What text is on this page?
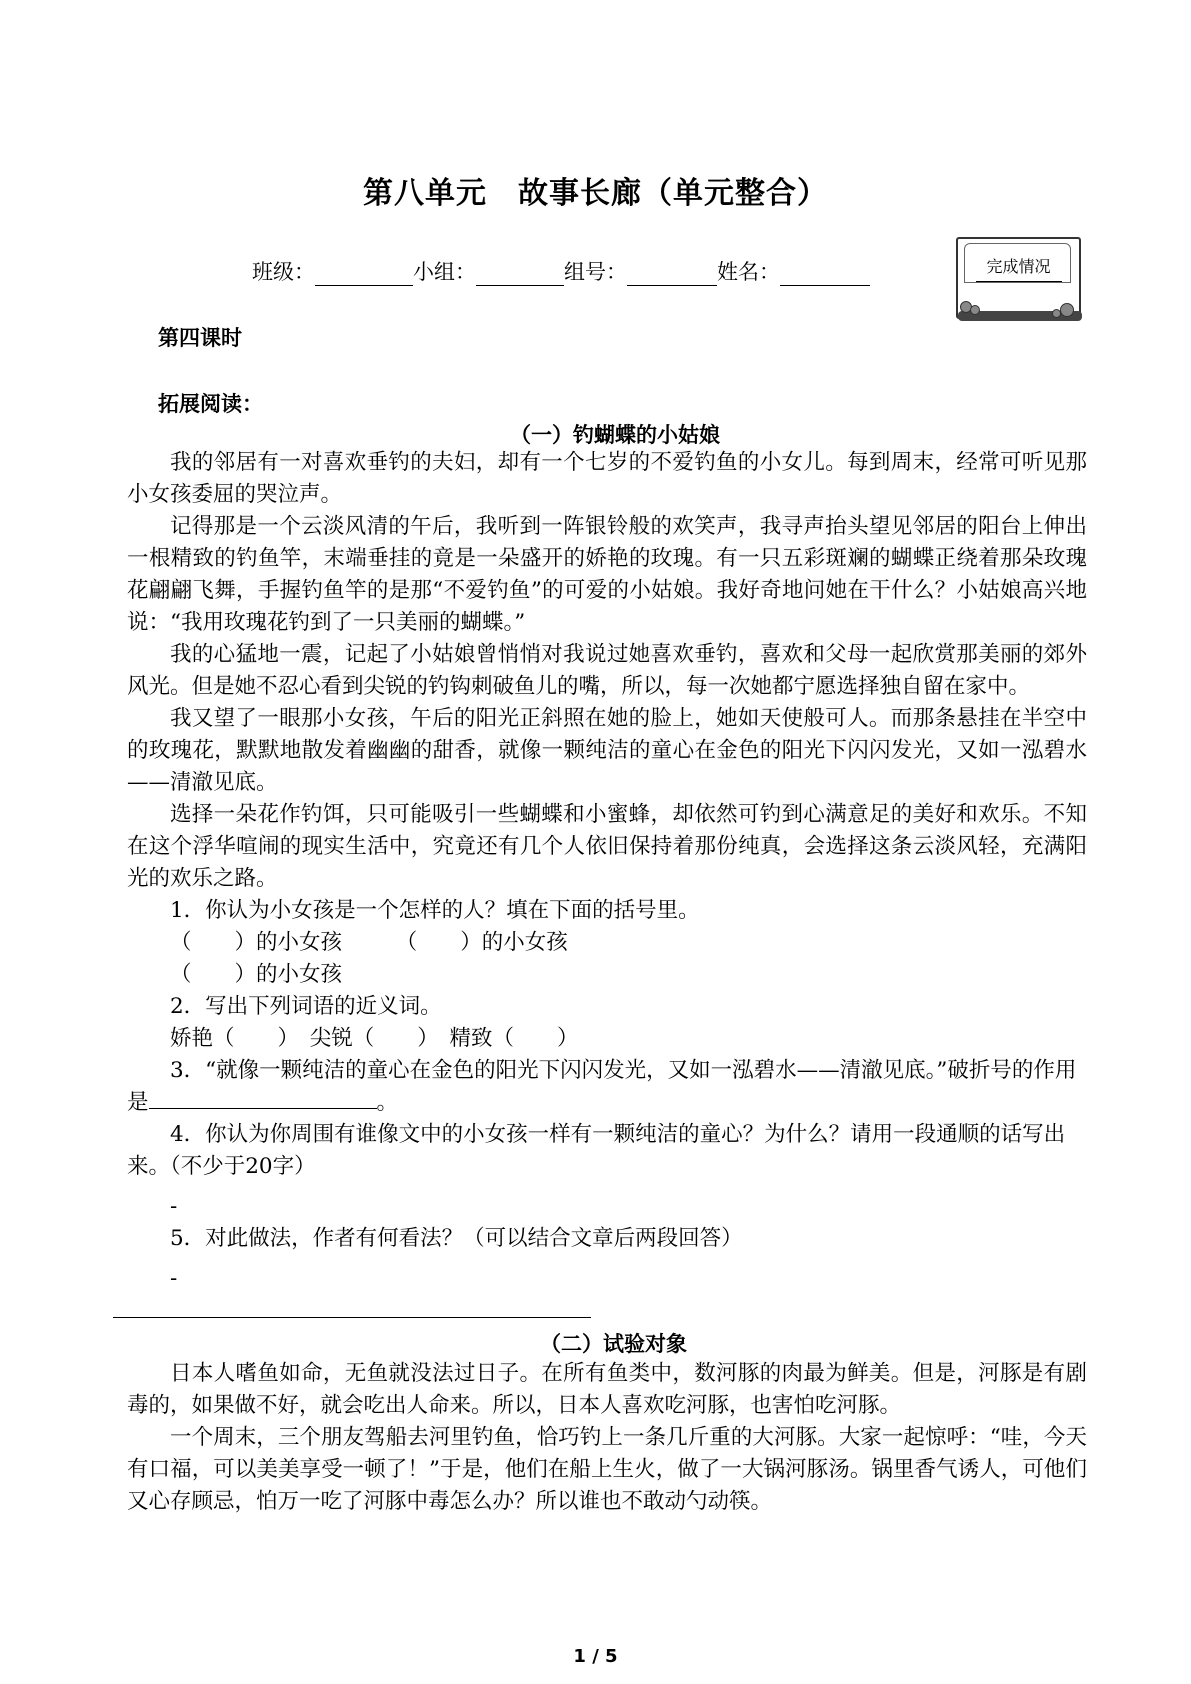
第八单元　故事长廊（单元整合）
班级：	小组：	组号：	姓名：	完成情况
第四课时
拓展阅读：
（一）钓蝴蝶的小姑娘

我的邻居有一对喜欢垂钓的夫妇，却有一个七岁的不爱钓鱼的小女儿。每到周末，经常可听见那小女孩委屈的哭泣声。

记得那是一个云淡风清的午后，我听到一阵银铃般的欢笑声，我寻声抬头望见邻居的阳台上伸出一根精致的钓鱼竿，末端垂挂的竟是一朵盛开的娇艳的玫瑰。有一只五彩斑斓的蝴蝶正绕着那朵玫瑰花翩翩飞舞，手握钓鱼竿的是那“不爱钓鱼”的可爱的小姑娘。我好奇地问她在干什么？小姑娘高兴地说：“我用玫瑰花钓到了一只美丽的蝴蝶。”

我的心猛地一震，记起了小姑娘曾悄悄对我说过她喜欢垂钓，喜欢和父母一起欣赏那美丽的郊外风光。但是她不忍心看到尖锐的钓钩刺破鱼儿的嘴，所以，每一次她都宁愿选择独自留在家中。

我又望了一眼那小女孩，午后的阳光正斜照在她的脸上，她如天使般可人。而那条悬挂在半空中的玫瑰花，默默地散发着幽幽的甜香，就像一颗纯洁的童心在金色的阳光下闪闪发光，又如一泓碧水——清澈见底。

选择一朵花作钓饵，只可能吸引一些蝴蝶和小蜜蜂，却依然可钓到心满意足的美好和欢乐。不知在这个浮华喧闹的现实生活中，究竟还有几个人依旧保持着那份纯真，会选择这条云淡风轻，充满阳光的欢乐之路。

1．你认为小女孩是一个怎样的人？填在下面的括号里。
（　　）的小女孩　　　（　　）的小女孩
（　　）的小女孩
2．写出下列词语的近义词。
娇艳（　　）　尖锐（　　）　精致（　　）
3．“就像一颗纯洁的童心在金色的阳光下闪闪发光，又如一泓碧水——清澈见底。”破折号的作用是	。
4．你认为你周围有谁像文中的小女孩一样有一颗纯洁的童心？为什么？请用一段通顺的话写出来。（不少于20字）
-
5．对此做法，作者有何看法？（可以结合文章后两段回答）
-
（二）试验对象

日本人嗜鱼如命，无鱼就没法过日子。在所有鱼类中，数河豚的肉最为鲜美。但是，河豚是有剧毒的，如果做不好，就会吃出人命来。所以，日本人喜欢吃河豚，也害怕吃河豚。

一个周末，三个朋友驾船去河里钓鱼，恰巧钓上一条几斤重的大河豚。大家一起惊呼：“哇，今天有口福，可以美美享受一顿了！”于是，他们在船上生火，做了一大锅河豚汤。锅里香气诱人，可他们又心存顾忌，怕万一吃了河豚中毒怎么办？所以谁也不敢动勺动筷。

1 / 5
